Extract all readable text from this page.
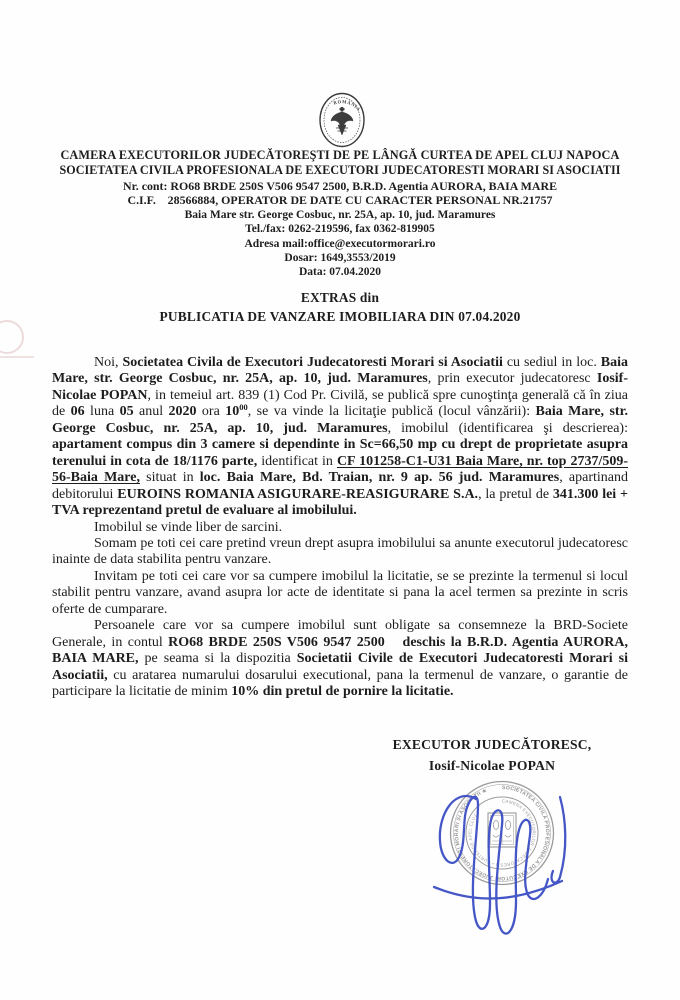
ROMÂNIA
CAMERA EXECUTORILOR JUDECĂTOREŞTI DE PE LÂNGĂ CURTEA DE APEL CLUJ NAPOCA
SOCIETATEA CIVILA PROFESIONALA DE EXECUTORI JUDECATORESTI MORARI SI ASOCIATII
Nr. cont: RO68 BRDE 250S V506 9547 2500, B.R.D. Agentia AURORA, BAIA MARE
C.I.F.   28566884, OPERATOR DE DATE CU CARACTER PERSONAL NR.21757
Baia Mare str. George Cosbuc, nr. 25A, ap. 10, jud. Maramures
Tel./fax: 0262-219596, fax 0362-819905
Adresa mail:office@executormorari.ro
Dosar: 1649,3553/2019
Data: 07.04.2020
EXTRAS din
PUBLICATIA DE VANZARE IMOBILIARA DIN 07.04.2020

Noi, Societatea Civila de Executori Judecatoresti Morari si Asociatii cu sediul in loc. Baia Mare, str. George Cosbuc, nr. 25A, ap. 10, jud. Maramures, prin executor judecatoresc Iosif-Nicolae POPAN, in temeiul art. 839 (1) Cod Pr. Civilă, se publică spre cunoştinţa generală că în ziua de 06 luna 05 anul 2020 ora $10^{00}$, se va vinde la licitaţie publică (locul vânzării): Baia Mare, str. George Cosbuc, nr. 25A, ap. 10, jud. Maramures, imobilul (identificarea şi descrierea): apartament compus din 3 camere si dependinte in Sc=66,50 mp cu drept de proprietate asupra terenului in cota de 18/1176 parte, identificat in CF 101258-C1-U31 Baia Mare, nr. top 2737/509-56-Baia Mare, situat in loc. Baia Mare, Bd. Traian, nr. 9 ap. 56 jud. Maramures, apartinand debitorului EUROINS ROMANIA ASIGURARE-REASIGURARE S.A., la pretul de 341.300 lei + TVA reprezentand pretul de evaluare al imobilului.

Imobilul se vinde liber de sarcini.

Somam pe toti cei care pretind vreun drept asupra imobilului sa anunte executorul judecatoresc inainte de data stabilita pentru vanzare.

Invitam pe toti cei care vor sa cumpere imobilul la licitatie, se se prezinte la termenul si locul stabilit pentru vanzare, avand asupra lor acte de identitate si pana la acel termen sa prezinte in scris oferte de cumparare.

Persoanele care vor sa cumpere imobilul sunt obligate sa consemneze la BRD-Societe Generale, in contul RO68 BRDE 250S V506 9547 2500   deschis la B.R.D. Agentia AURORA, BAIA MARE, pe seama si la dispozitia Societatii Civile de Executori Judecatoresti Morari si Asociatii, cu aratarea numarului dosarului executional, pana la termenul de vanzare, o garantie de participare la licitatie de minim 10% din pretul de pornire la licitatie.

EXECUTOR JUDECĂTORESC,
Iosif-Nicolae POPAN
SOCIETATEA CIVILA PROFESIONALA DE EXECUTORI JUDECATORESTI MORARI SI ASOCIATII ★
CAMERA EXECUTORILOR JUDECATORESTI • CURTEA DE APEL CLUJ •
